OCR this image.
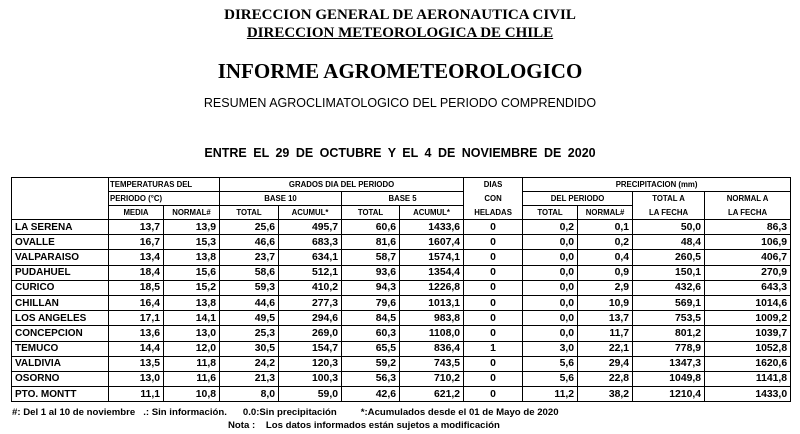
DIRECCION GENERAL DE AERONAUTICA CIVIL
DIRECCION METEOROLOGICA DE CHILE
INFORME AGROMETEOROLOGICO
RESUMEN AGROCLIMATOLOGICO DEL PERIODO COMPRENDIDO
ENTRE EL 29 DE OCTUBRE Y EL 4 DE NOVIEMBRE DE 2020
	TEMPERATURAS DEL		GRADOS DIA DEL PERIODO				DIAS	PRECIPITACION (mm)			
	PERIODO (°C)		BASE 10		BASE 5		CON	DEL PERIODO		TOTAL A	NORMAL A
	MEDIA	NORMAL#	TOTAL	ACUMUL*	TOTAL	ACUMUL*	HELADAS	TOTAL	NORMAL#	LA FECHA	LA FECHA
LA SERENA	13,7	13,9	25,6	495,7	60,6	1433,6	0	0,2	0,1	50,0	86,3
OVALLE	16,7	15,3	46,6	683,3	81,6	1607,4	0	0,0	0,2	48,4	106,9
VALPARAISO	13,4	13,8	23,7	634,1	58,7	1574,1	0	0,0	0,4	260,5	406,7
PUDAHUEL	18,4	15,6	58,6	512,1	93,6	1354,4	0	0,0	0,9	150,1	270,9
CURICO	18,5	15,2	59,3	410,2	94,3	1226,8	0	0,0	2,9	432,6	643,3
CHILLAN	16,4	13,8	44,6	277,3	79,6	1013,1	0	0,0	10,9	569,1	1014,6
LOS ANGELES	17,1	14,1	49,5	294,6	84,5	983,8	0	0,0	13,7	753,5	1009,2
CONCEPCION	13,6	13,0	25,3	269,0	60,3	1108,0	0	0,0	11,7	801,2	1039,7
TEMUCO	14,4	12,0	30,5	154,7	65,5	836,4	1	3,0	22,1	778,9	1052,8
VALDIVIA	13,5	11,8	24,2	120,3	59,2	743,5	0	5,6	29,4	1347,3	1620,6
OSORNO	13,0	11,6	21,3	100,3	56,3	710,2	0	5,6	22,8	1049,8	1141,8
PTO. MONTT	11,1	10,8	8,0	59,0	42,6	621,2	0	11,2	38,2	1210,4	1433,0
#: Del 1 al 10 de noviembre .: Sin información. 0.0:Sin precipitación	*:Acumulados desde el 01 de Mayo de 2020
Nota : Los datos informados están sujetos a modificación
